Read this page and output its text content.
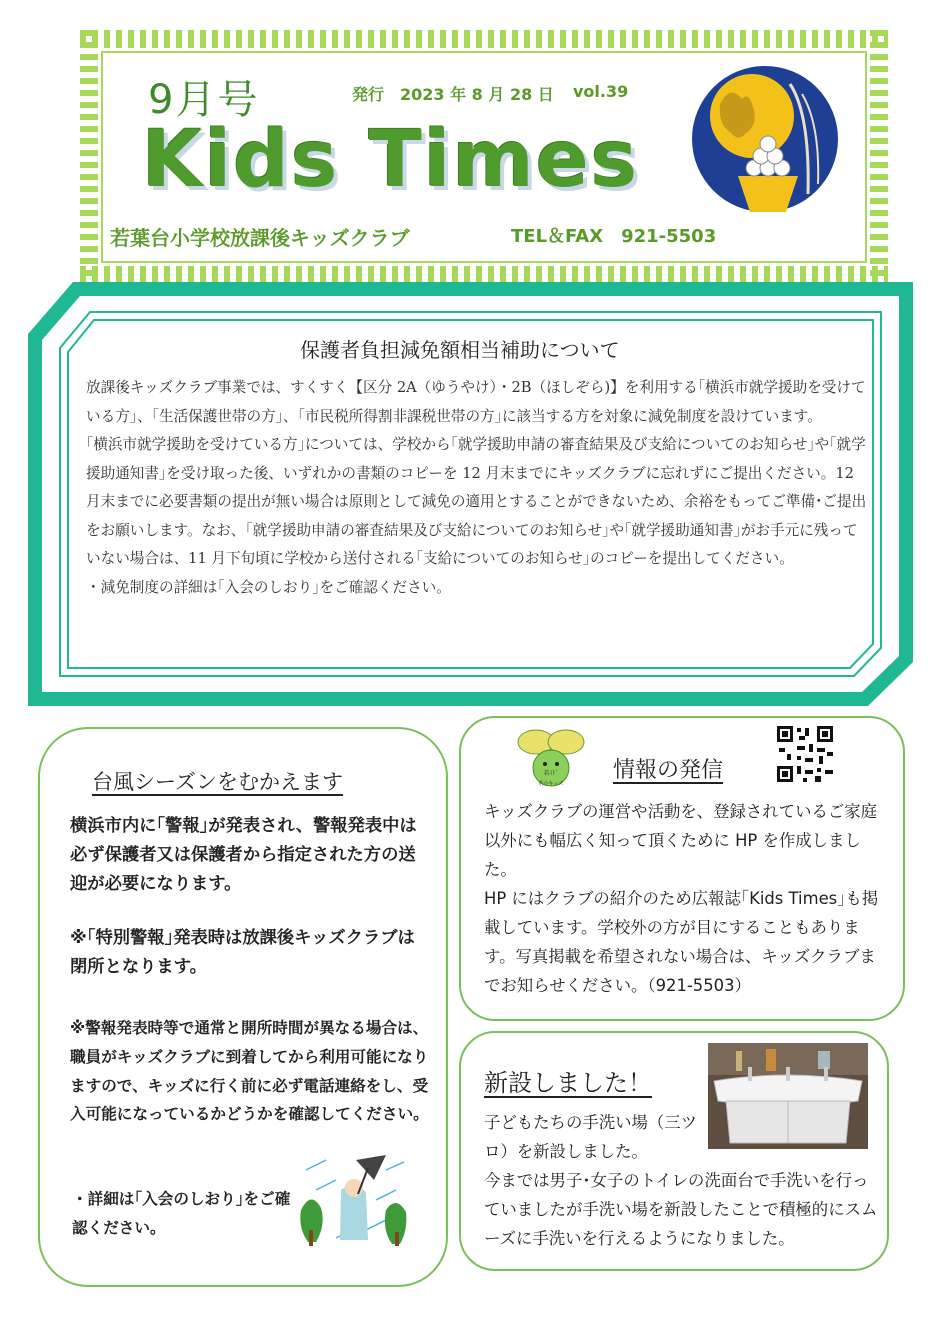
9月号	発行　2023 年 8 月 28 日 vol.39
Kids Times
若葉台小学校放課後キッズクラブ	TEL＆FAX　921-5503
保護者負担減免額相当補助について

放課後キッズクラブ事業では、すくすく【区分 2A（ゆうやけ）・2B（ほしぞら)】を利用する｢横浜市就学援助を受けている方｣、｢生活保護世帯の方｣、｢市民税所得割非課税世帯の方｣に該当する方を対象に減免制度を設けています。

｢横浜市就学援助を受けている方｣については、学校から｢就学援助申請の審査結果及び支給についてのお知らせ｣や｢就学援助通知書｣を受け取った後、いずれかの書類のコピーを 12 月末までにキッズクラブに忘れずにご提出ください。12 月末までに必要書類の提出が無い場合は原則として減免の適用とすることができないため、余裕をもってご準備･ご提出をお願いします。なお、｢就学援助申請の審査結果及び支給についてのお知らせ｣や｢就学援助通知書｣がお手元に残っていない場合は、11 月下旬頃に学校から送付される｢支給についてのお知らせ｣のコピーを提出してください。

・減免制度の詳細は｢入会のしおり｣をご確認ください。

台風シーズンをむかえます
横浜市内に｢警報｣が発表され、警報発表中は必ず保護者又は保護者から指定された方の送迎が必要になります。
※｢特別警報｣発表時は放課後キッズクラブは閉所となります。
※警報発表時等で通常と開所時間が異なる場合は、職員がキッズクラブに到着してから利用可能になりますので、キッズに行く前に必ず電話連絡をし、受入可能になっているかどうかを確認してください。
・詳細は｢入会のしおり｣をご確認ください。
若ﾐﾄﾞ
若小キッズ
情報の発信
キッズクラブの運営や活動を、登録されているご家庭以外にも幅広く知って頂くために HP を作成しました。
HP にはクラブの紹介のため広報誌｢Kids Times｣も掲載しています。学校外の方が目にすることもあります。写真掲載を希望されない場合は、キッズクラブまでお知らせください。（921-5503）
新設しました！
子どもたちの手洗い場（三ツロ）を新設しました。
今までは男子･女子のトイレの洗面台で手洗いを行っていましたが手洗い場を新設したことで積極的にスムーズに手洗いを行えるようになりました。
